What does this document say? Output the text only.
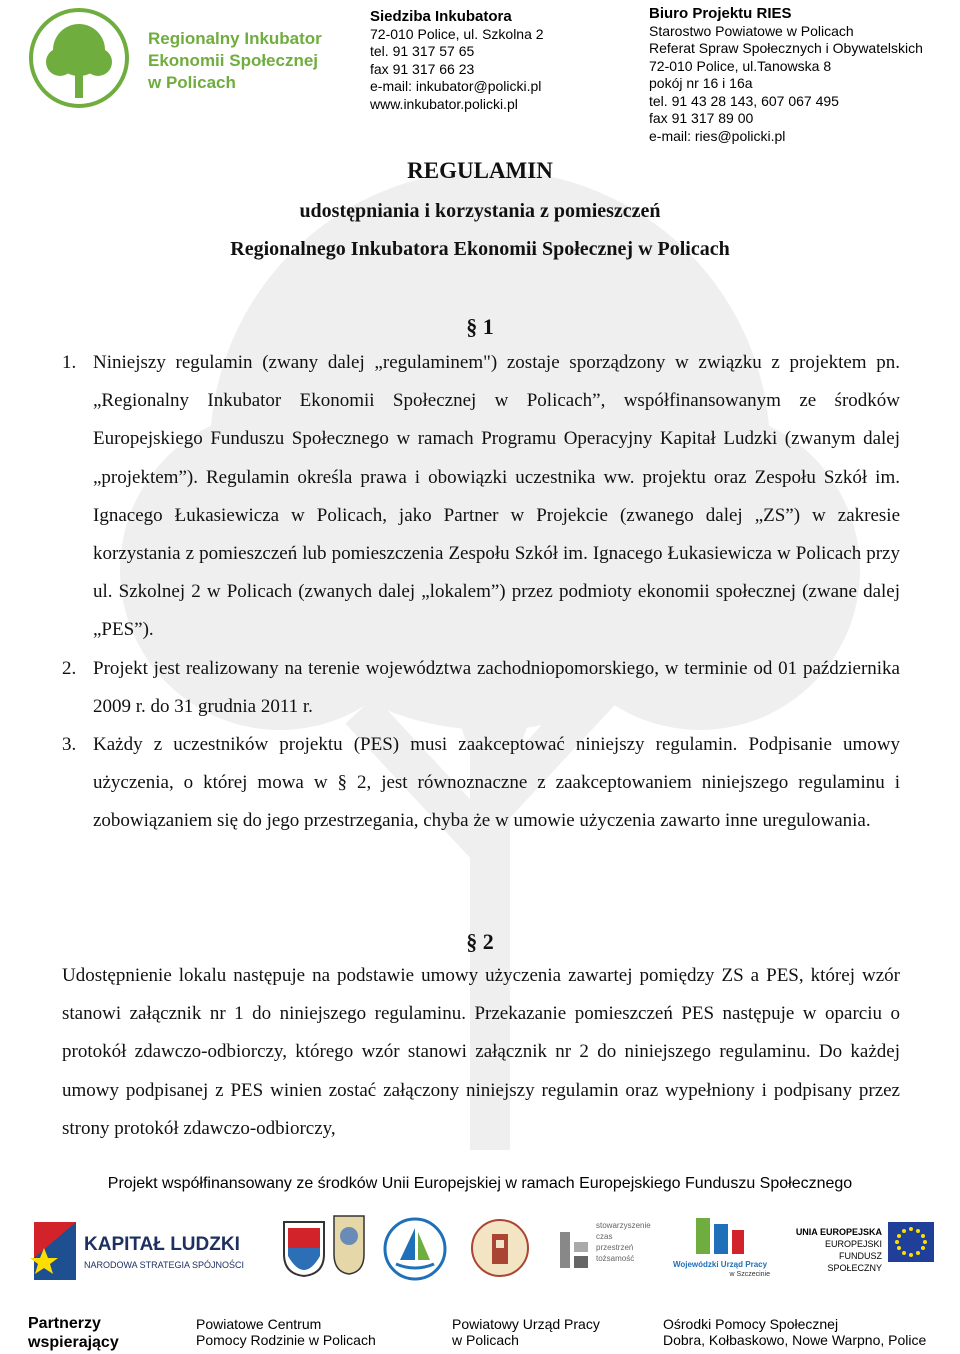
Regionalny Inkubator
Ekonomii Społecznej
w Policach
Siedziba Inkubatora
72-010 Police, ul. Szkolna 2
tel. 91 317 57 65
fax 91 317 66 23
e-mail: inkubator@policki.pl
www.inkubator.policki.pl
Biuro Projektu RIES
Starostwo Powiatowe w Policach
Referat Spraw Społecznych i Obywatelskich
72-010 Police, ul.Tanowska 8
pokój nr 16 i 16a
tel. 91 43 28 143, 607 067 495
fax 91 317 89 00
e-mail: ries@policki.pl
REGULAMIN
udostępniania i korzystania z pomieszczeń
Regionalnego Inkubatora Ekonomii Społecznej w Policach
§ 1
1. Niniejszy regulamin (zwany dalej „regulaminem") zostaje sporządzony w związku z projektem pn. „Regionalny Inkubator Ekonomii Społecznej w Policach”, współfinansowanym ze środków Europejskiego Funduszu Społecznego w ramach Programu Operacyjny Kapitał Ludzki (zwanym dalej „projektem”). Regulamin określa prawa i obowiązki uczestnika ww. projektu oraz Zespołu Szkół im. Ignacego Łukasiewicza w Policach, jako Partner w Projekcie (zwanego dalej „ZS”) w zakresie korzystania z pomieszczeń lub pomieszczenia Zespołu Szkół im. Ignacego Łukasiewicza w Policach przy ul. Szkolnej 2 w Policach (zwanych dalej „lokalem”) przez podmioty ekonomii społecznej (zwane dalej „PES”).
2. Projekt jest realizowany na terenie województwa zachodniopomorskiego, w terminie od 01 października 2009 r. do 31 grudnia 2011 r.
3. Każdy z uczestników projektu (PES) musi zaakceptować niniejszy regulamin. Podpisanie umowy użyczenia, o której mowa w § 2, jest równoznaczne z zaakceptowaniem niniejszego regulaminu i zobowiązaniem się do jego przestrzegania, chyba że w umowie użyczenia zawarto inne uregulowania.
§ 2

Udostępnienie lokalu następuje na podstawie umowy użyczenia zawartej pomiędzy ZS a PES, której wzór stanowi załącznik nr 1 do niniejszego regulaminu. Przekazanie pomieszczeń PES następuje w oparciu o protokół zdawczo-odbiorczy, którego wzór stanowi załącznik nr 2 do niniejszego regulaminu. Do każdej umowy podpisanej z PES winien zostać załączony niniejszy regulamin oraz wypełniony i podpisany przez strony protokół zdawczo-odbiorczy,

Projekt współfinansowany ze środków Unii Europejskiej w ramach Europejskiego Funduszu Społecznego
KAPITAŁ LUDZKI
NARODOWA STRATEGIA SPÓJNOŚCI
stowarzyszenie
czas
przestrzeń
tożsamość
Wojewódzki Urząd Pracy
w Szczecinie
UNIA EUROPEJSKA
EUROPEJSKI
FUNDUSZ SPOŁECZNY
Partnerzy
wspierający
Powiatowe Centrum
Pomocy Rodzinie w Policach
Powiatowy Urząd Pracy
w Policach
Ośrodki Pomocy Społecznej
Dobra, Kołbaskowo, Nowe Warpno, Police
